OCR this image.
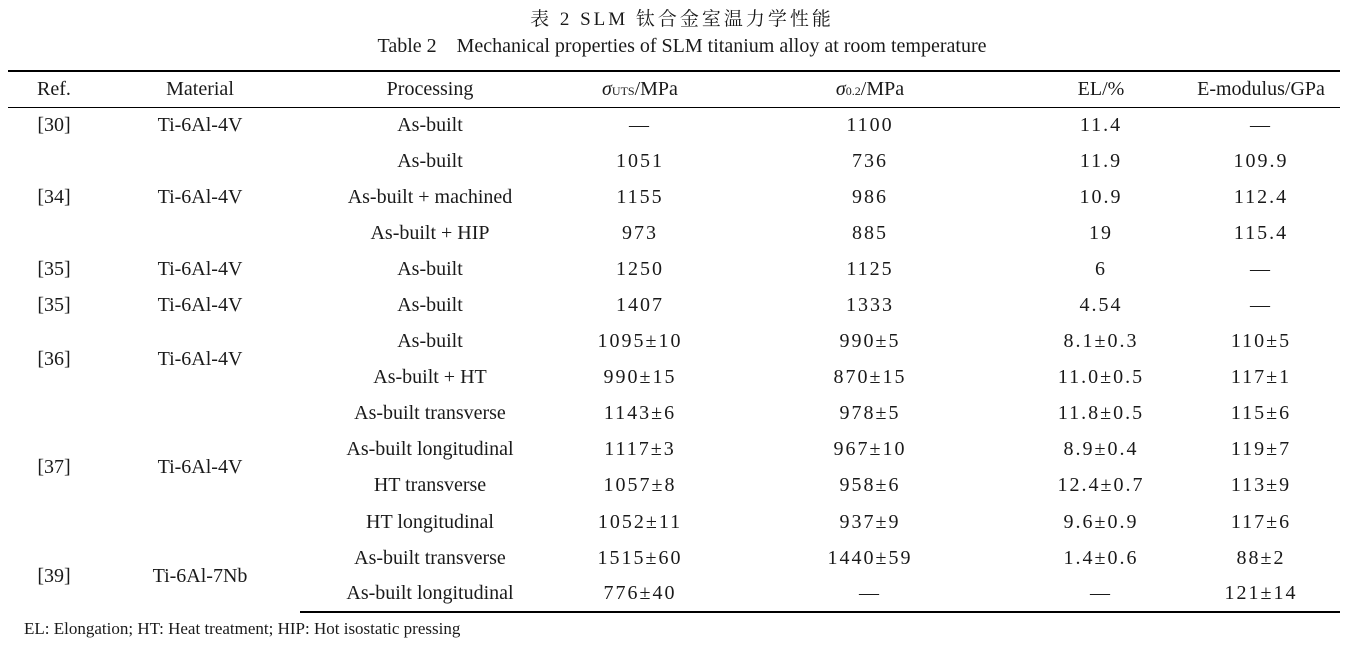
表 2 SLM 钛合金室温力学性能
Table 2 Mechanical properties of SLM titanium alloy at room temperature
Ref.	Material	Processing	σUTS/MPa	σ0.2/MPa	EL/%	E-modulus/GPa
[30]	Ti-6Al-4V	As-built	—	1100	11.4	—
[34]	Ti-6Al-4V	As-built	1051	736	11.9	109.9
		As-built + machined	1155	986	10.9	112.4
		As-built + HIP	973	885	19	115.4
[35]	Ti-6Al-4V	As-built	1250	1125	6	—
[35]	Ti-6Al-4V	As-built	1407	1333	4.54	—
[36]	Ti-6Al-4V	As-built	1095±10	990±5	8.1±0.3	110±5
		As-built + HT	990±15	870±15	11.0±0.5	117±1
[37]	Ti-6Al-4V	As-built transverse	1143±6	978±5	11.8±0.5	115±6
		As-built longitudinal	1117±3	967±10	8.9±0.4	119±7
		HT transverse	1057±8	958±6	12.4±0.7	113±9
		HT longitudinal	1052±11	937±9	9.6±0.9	117±6
[39]	Ti-6Al-7Nb	As-built transverse	1515±60	1440±59	1.4±0.6	88±2
		As-built longitudinal	776±40	—	—	121±14
EL: Elongation; HT: Heat treatment; HIP: Hot isostatic pressing
